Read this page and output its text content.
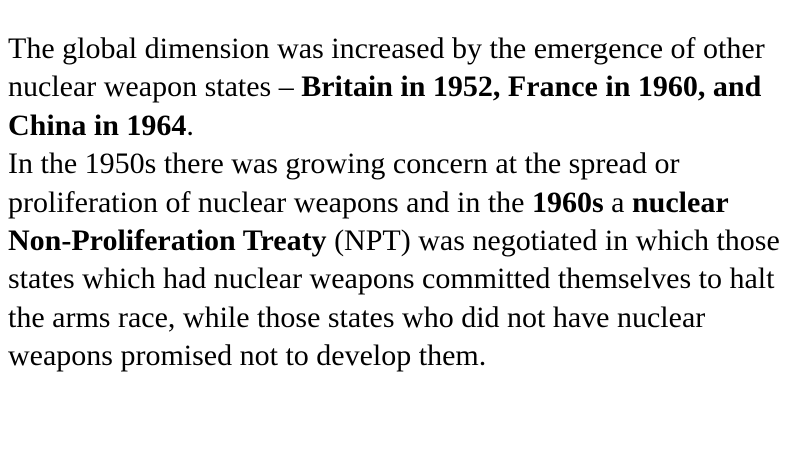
The global dimension was increased by the emergence of other nuclear weapon states – Britain in 1952, France in 1960, and China in 1964.

In the 1950s there was growing concern at the spread or proliferation of nuclear weapons and in the 1960s a nuclear Non-Proliferation Treaty (NPT) was negotiated in which those states which had nuclear weapons committed themselves to halt the arms race, while those states who did not have nuclear weapons promised not to develop them.
